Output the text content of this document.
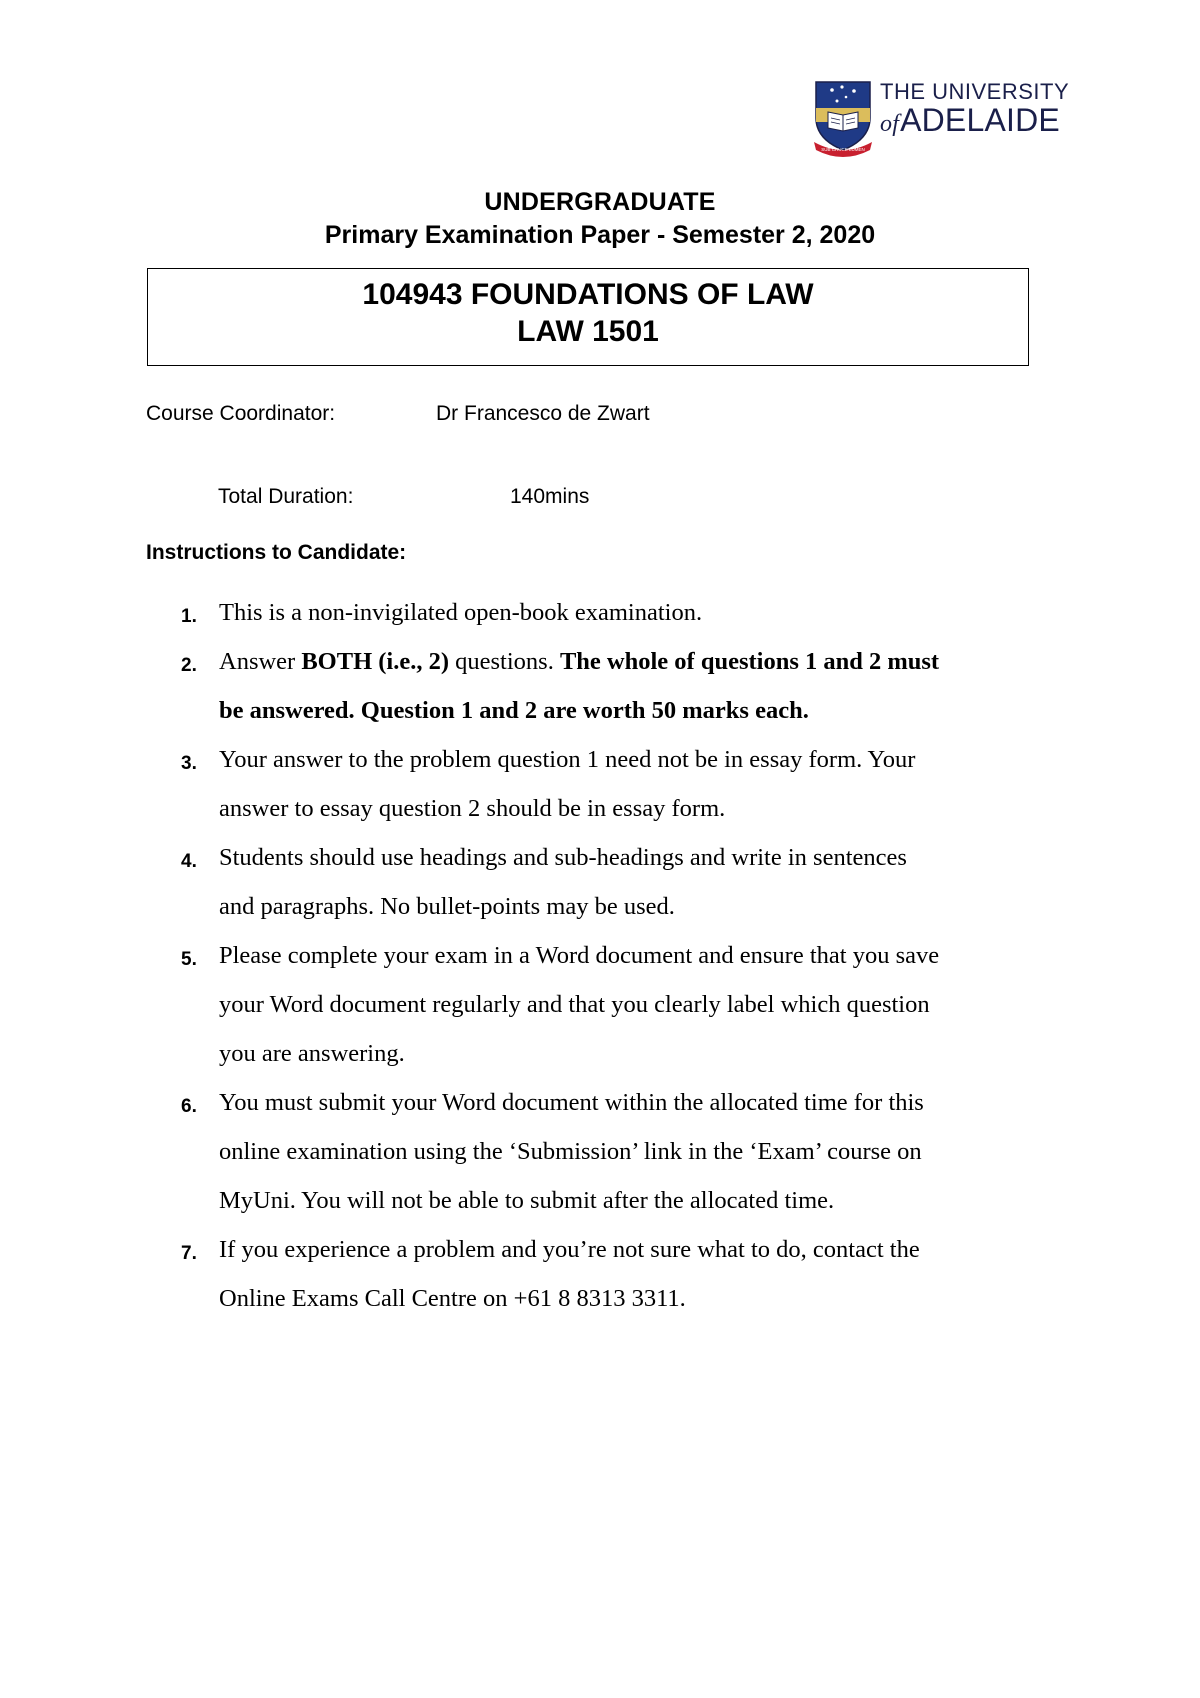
SUB CRUCE LUMEN
THE UNIVERSITY
ofADELAIDE
UNDERGRADUATE
Primary Examination Paper - Semester 2, 2020
104943 FOUNDATIONS OF LAW
LAW 1501
Course Coordinator:	Dr Francesco de Zwart
Total Duration:	140mins
Instructions to Candidate:
1. This is a non-invigilated open-book examination.
2. Answer BOTH (i.e., 2) questions. The whole of questions 1 and 2 must
be answered. Question 1 and 2 are worth 50 marks each.
3. Your answer to the problem question 1 need not be in essay form. Your
answer to essay question 2 should be in essay form.
4. Students should use headings and sub-headings and write in sentences
and paragraphs. No bullet-points may be used.
5. Please complete your exam in a Word document and ensure that you save
your Word document regularly and that you clearly label which question
you are answering.
6. You must submit your Word document within the allocated time for this
online examination using the ‘Submission’ link in the ‘Exam’ course on
MyUni. You will not be able to submit after the allocated time.
7. If you experience a problem and you’re not sure what to do, contact the
Online Exams Call Centre on +61 8 8313 3311.
